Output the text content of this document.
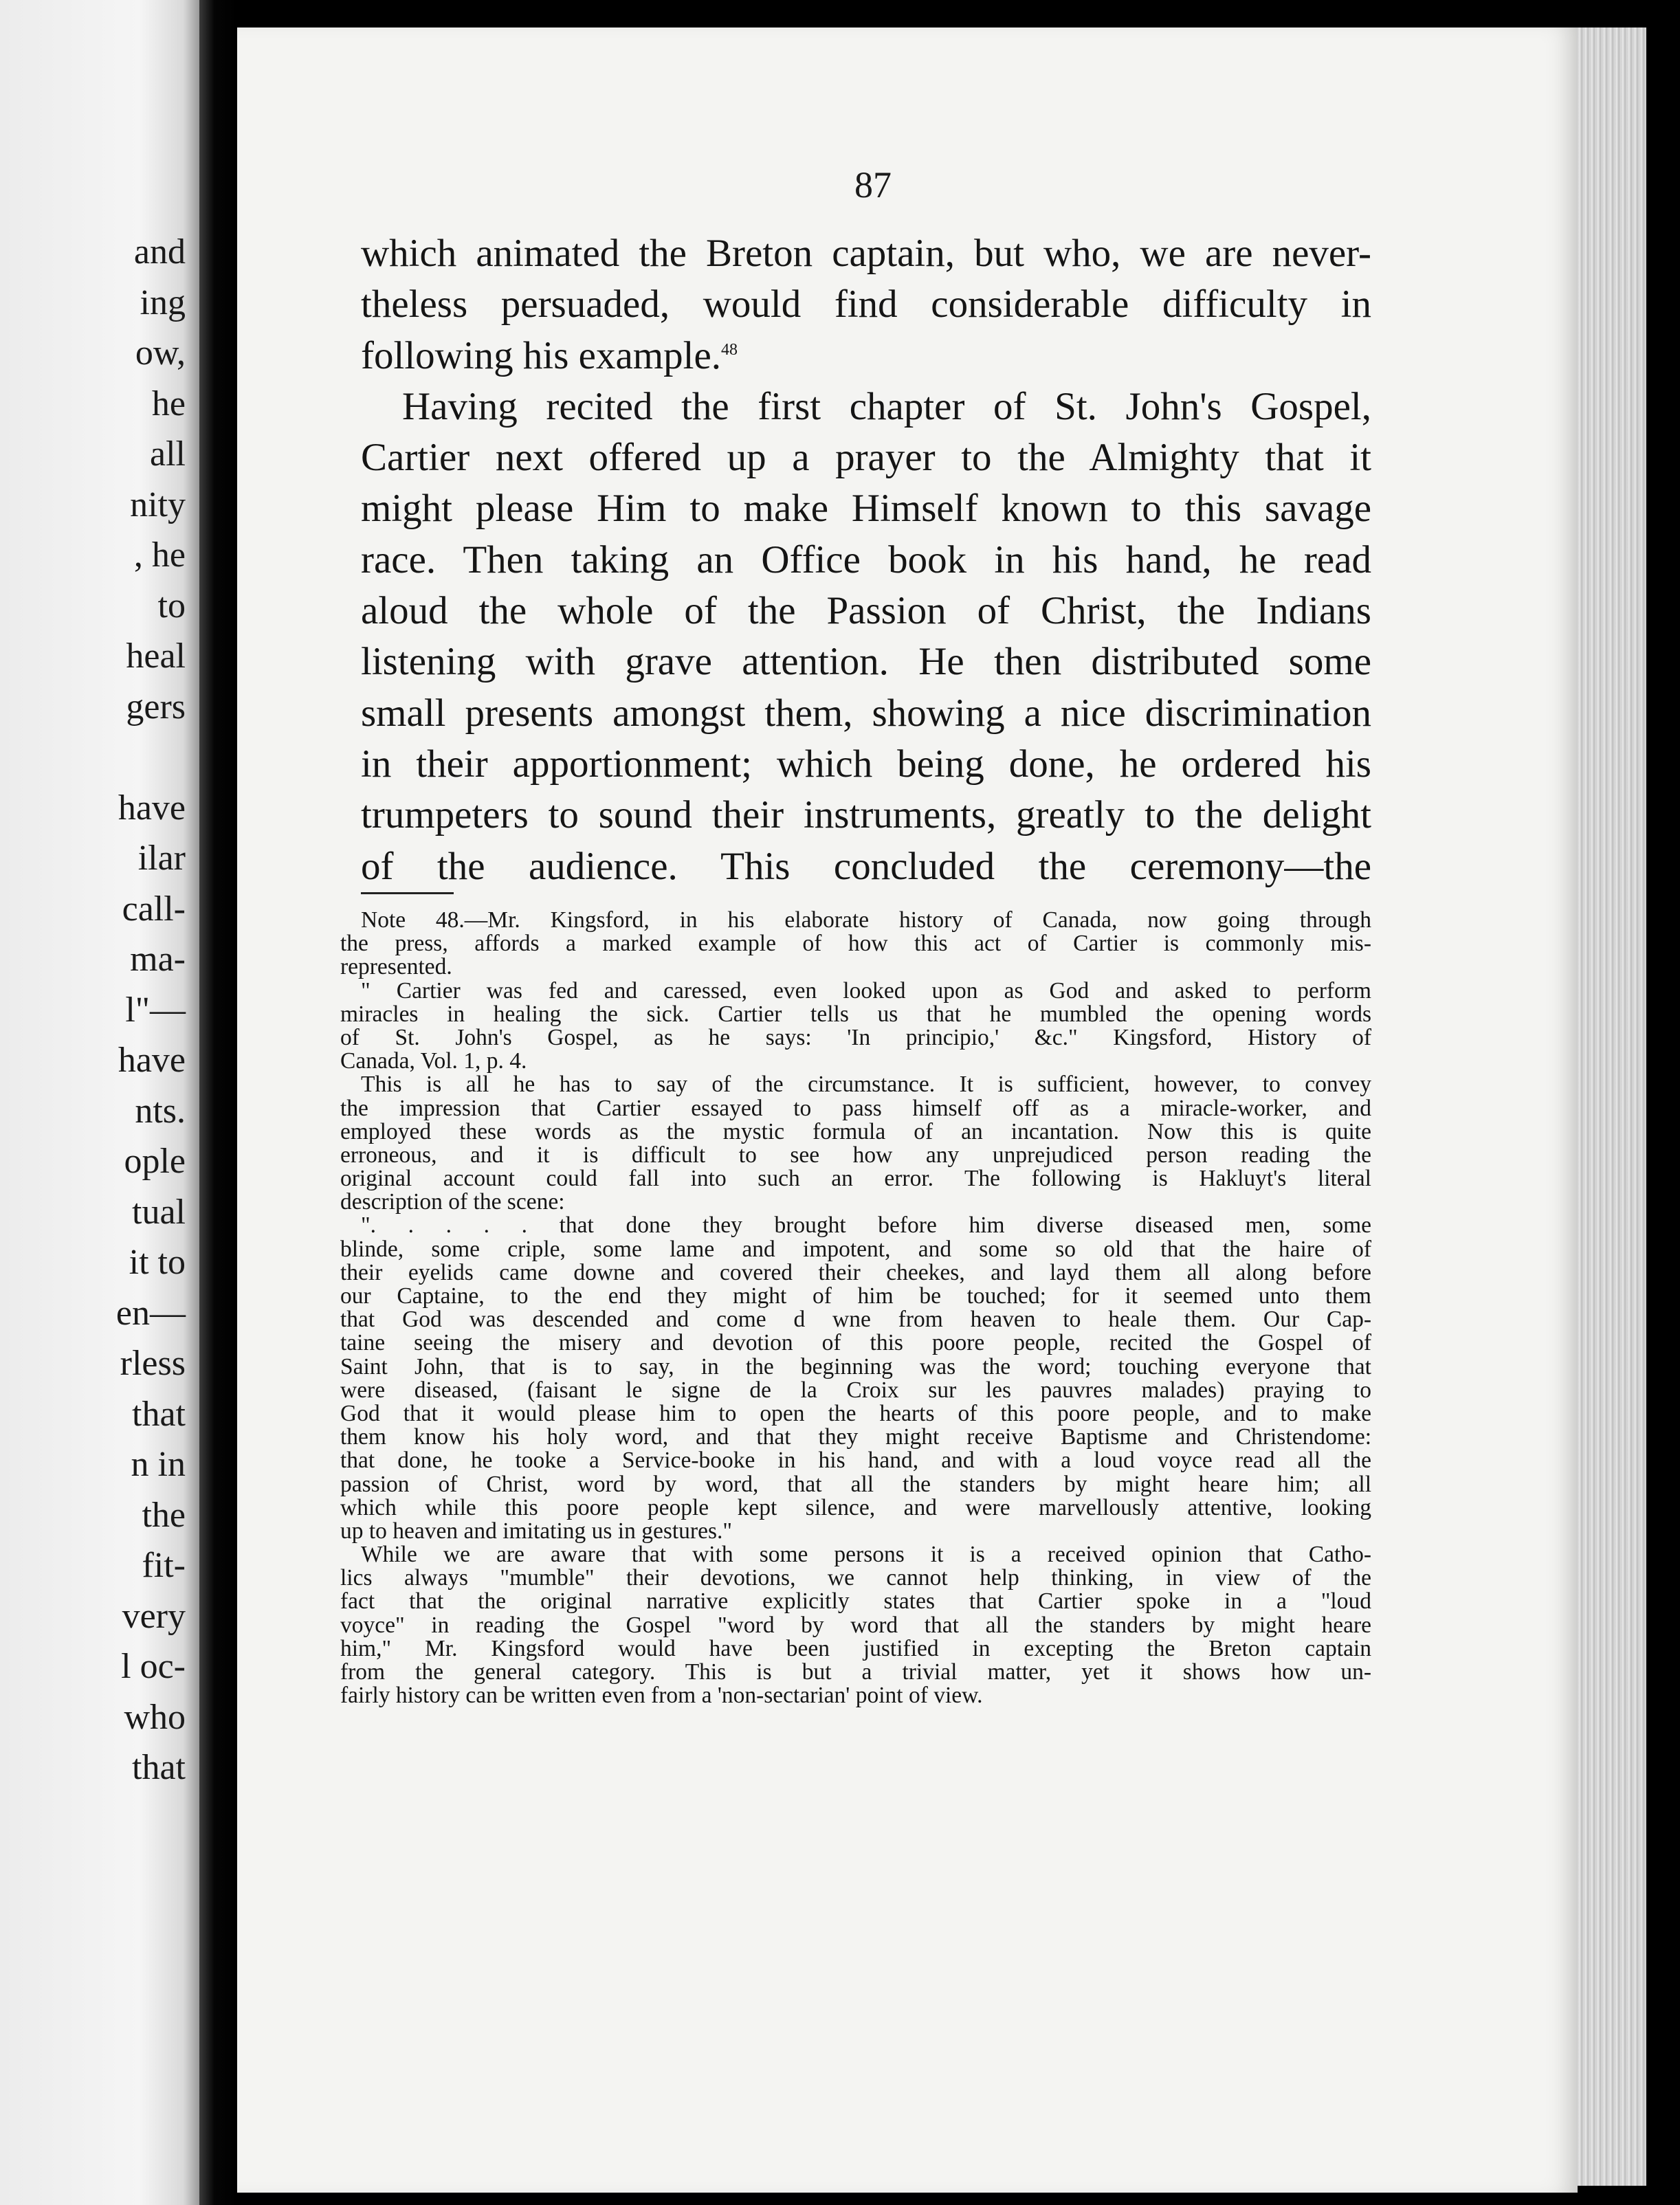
and
ing
ow,
he
all
nity
, he
to
heal
gers
have
ilar
call-
ma-
l"—
have
nts.
ople
tual
it to
en—
rless
that
n in
the
fit-
very
l oc-
who
that
87
which animated the Breton captain, but who, we are never-
theless persuaded, would find considerable difficulty in
following his example.$^{48}$
Having recited the first chapter of St. John's Gospel,
Cartier next offered up a prayer to the Almighty that it
might please Him to make Himself known to this savage
race. Then taking an Office book in his hand, he read
aloud the whole of the Passion of Christ, the Indians
listening with grave attention. He then distributed some
small presents amongst them, showing a nice discrimination
in their apportionment; which being done, he ordered his
trumpeters to sound their instruments, greatly to the delight
of the audience. This concluded the ceremony—the
Note 48.—Mr. Kingsford, in his elaborate history of Canada, now going through
the press, affords a marked example of how this act of Cartier is commonly mis-
represented.
" Cartier was fed and caressed, even looked upon as God and asked to perform
miracles in healing the sick. Cartier tells us that he mumbled the opening words
of St. John's Gospel, as he says: 'In principio,' &c." Kingsford, History of
Canada, Vol. 1, p. 4.
This is all he has to say of the circumstance. It is sufficient, however, to convey
the impression that Cartier essayed to pass himself off as a miracle-worker, and
employed these words as the mystic formula of an incantation. Now this is quite
erroneous, and it is difficult to see how any unprejudiced person reading the
original account could fall into such an error. The following is Hakluyt's literal
description of the scene:
". . . . . that done they brought before him diverse diseased men, some
blinde, some criple, some lame and impotent, and some so old that the haire of
their eyelids came downe and covered their cheekes, and layd them all along before
our Captaine, to the end they might of him be touched; for it seemed unto them
that God was descended and come d wne from heaven to heale them. Our Cap-
taine seeing the misery and devotion of this poore people, recited the Gospel of
Saint John, that is to say, in the beginning was the word; touching everyone that
were diseased, (faisant le signe de la Croix sur les pauvres malades) praying to
God that it would please him to open the hearts of this poore people, and to make
them know his holy word, and that they might receive Baptisme and Christendome:
that done, he tooke a Service-booke in his hand, and with a loud voyce read all the
passion of Christ, word by word, that all the standers by might heare him; all
which while this poore people kept silence, and were marvellously attentive, looking
up to heaven and imitating us in gestures."
While we are aware that with some persons it is a received opinion that Catho-
lics always "mumble" their devotions, we cannot help thinking, in view of the
fact that the original narrative explicitly states that Cartier spoke in a "loud
voyce" in reading the Gospel "word by word that all the standers by might heare
him," Mr. Kingsford would have been justified in excepting the Breton captain
from the general category. This is but a trivial matter, yet it shows how un-
fairly history can be written even from a 'non-sectarian' point of view.
